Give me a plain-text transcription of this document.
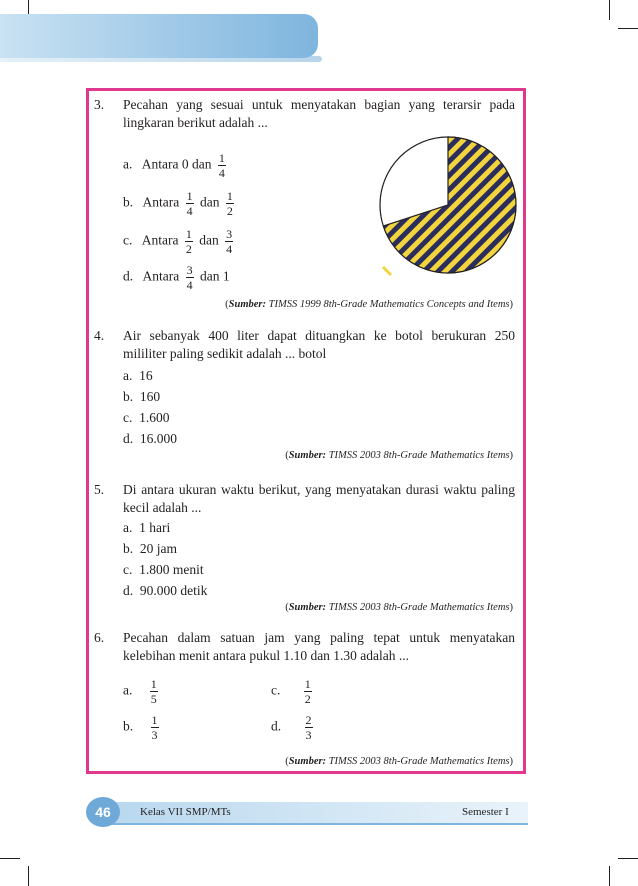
3. Pecahan yang sesuai untuk menyatakan bagian yang terarsir pada lingkaran berikut adalah ...
a. Antara 0 dan $\frac{1}{4}$
b. Antara $\frac{1}{4}$ dan $\frac{1}{2}$
c. Antara $\frac{1}{2}$ dan $\frac{3}{4}$
d. Antara $\frac{3}{4}$ dan 1
(Sumber: TIMSS 1999 8th-Grade Mathematics Concepts and Items)
4. Air sebanyak 400 liter dapat dituangkan ke botol berukuran 250 mililiter paling sedikit adalah ... botol
a. 16
b. 160
c. 1.600
d. 16.000
(Sumber: TIMSS 2003 8th-Grade Mathematics Items)
5. Di antara ukuran waktu berikut, yang menyatakan durasi waktu paling kecil adalah ...
a. 1 hari
b. 20 jam
c. 1.800 menit
d. 90.000 detik
(Sumber: TIMSS 2003 8th-Grade Mathematics Items)
6. Pecahan dalam satuan jam yang paling tepat untuk menyatakan kelebihan menit antara pukul 1.10 dan 1.30 adalah ...
a. $\frac{1}{5}$
b. $\frac{1}{3}$
c. $\frac{1}{2}$
d. $\frac{2}{3}$
(Sumber: TIMSS 2003 8th-Grade Mathematics Items)
46	Kelas VII SMP/MTs	Semester I
